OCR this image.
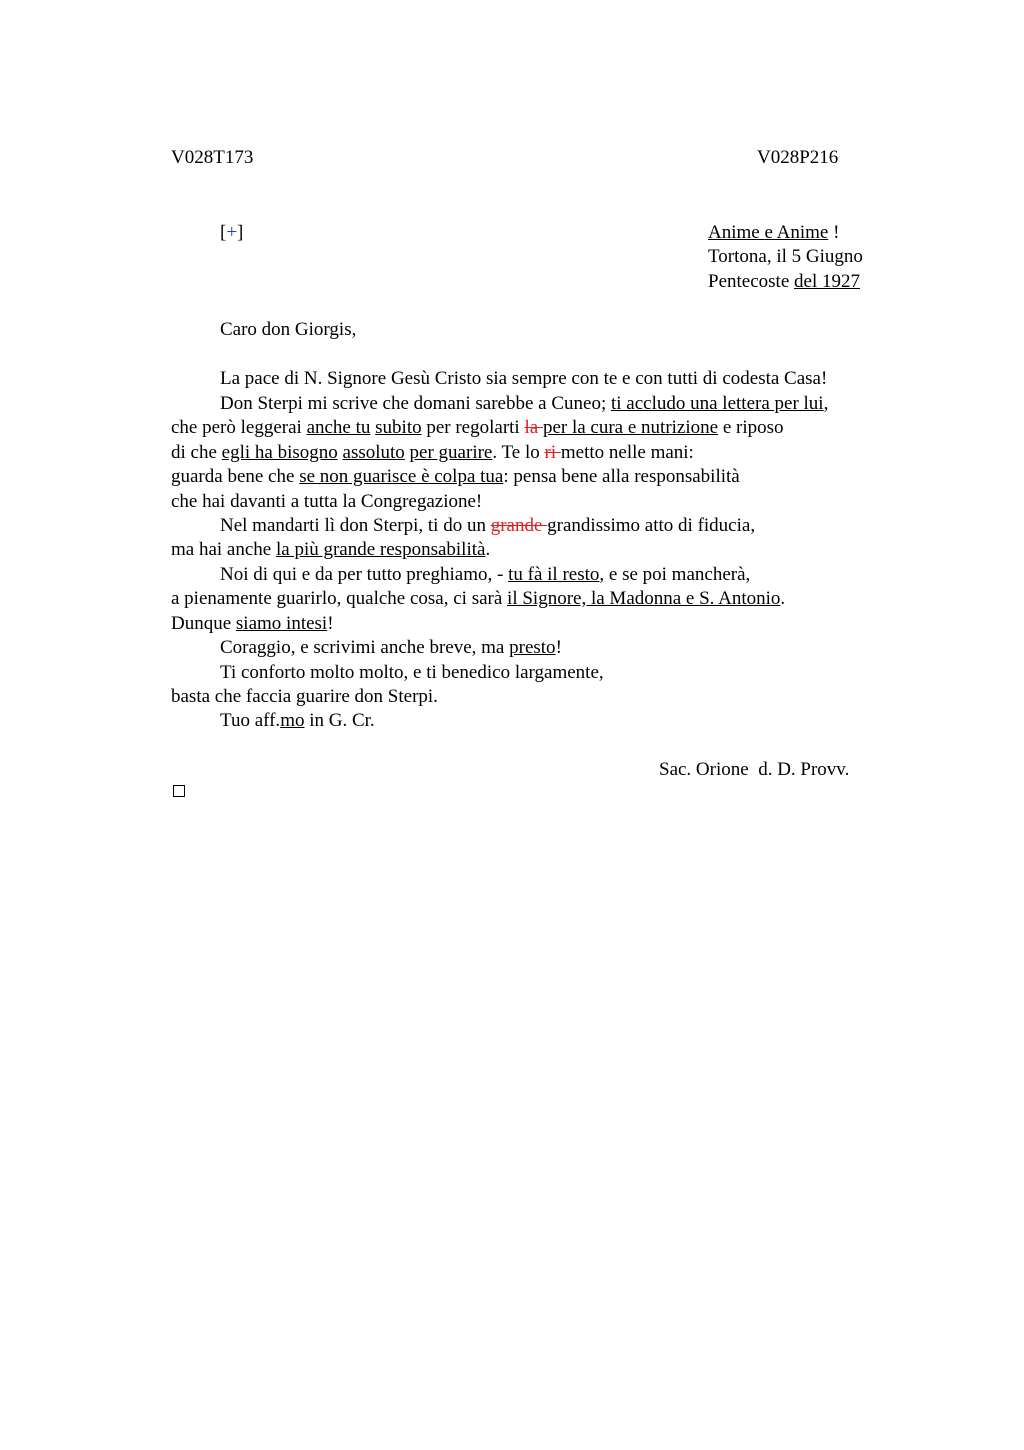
V028T173	V028P216
[+]	Anime e Anime !
Tortona, il 5 Giugno
Pentecoste del 1927
Caro don Giorgis,
La pace di N. Signore Gesù Cristo sia sempre con te e con tutti di codesta Casa!
Don Sterpi mi scrive che domani sarebbe a Cuneo; ti accludo una lettera per lui,
che però leggerai anche tu subito per regolarti la per la cura e nutrizione e riposo
di che egli ha bisogno assoluto per guarire. Te lo ri metto nelle mani:
guarda bene che se non guarisce è colpa tua: pensa bene alla responsabilità
che hai davanti a tutta la Congregazione!
Nel mandarti lì don Sterpi, ti do un grande grandissimo atto di fiducia,
ma hai anche la più grande responsabilità.
Noi di qui e da per tutto preghiamo, - tu fà il resto, e se poi mancherà,
a pienamente guarirlo, qualche cosa, ci sarà il Signore, la Madonna e S. Antonio.
Dunque siamo intesi!
Coraggio, e scrivimi anche breve, ma presto!
Ti conforto molto molto, e ti benedico largamente,
basta che faccia guarire don Sterpi.
Tuo aff.mo in G. Cr.
Sac. Orione  d. D. Provv.
